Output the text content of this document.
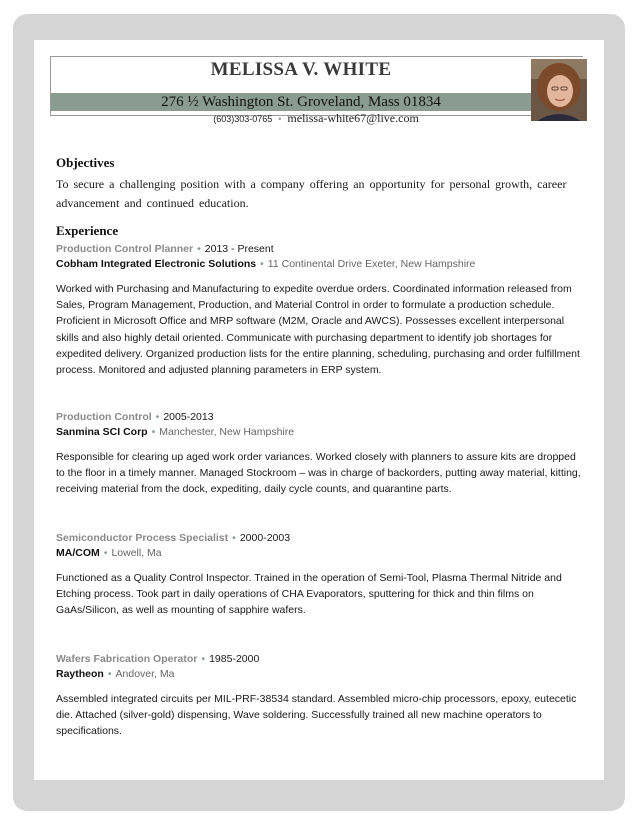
MELISSA V. WHITE
276 ½ Washington St. Groveland, Mass 01834
(603)303-0765 • melissa-white67@live.com
Objectives
To secure a challenging position with a company offering an opportunity for personal growth, career advancement and continued education.
Experience
Production Control Planner • 2013 - Present
Cobham Integrated Electronic Solutions • 11 Continental Drive Exeter, New Hampshire
Worked with Purchasing and Manufacturing to expedite overdue orders. Coordinated information released from Sales, Program Management, Production, and Material Control in order to formulate a production schedule. Proficient in Microsoft Office and MRP software (M2M, Oracle and AWCS). Possesses excellent interpersonal skills and also highly detail oriented. Communicate with purchasing department to identify job shortages for expedited delivery. Organized production lists for the entire planning, scheduling, purchasing and order fulfillment process. Monitored and adjusted planning parameters in ERP system.
Production Control • 2005-2013
Sanmina SCI Corp • Manchester, New Hampshire
Responsible for clearing up aged work order variances. Worked closely with planners to assure kits are dropped to the floor in a timely manner. Managed Stockroom – was in charge of backorders, putting away material, kitting, receiving material from the dock, expediting, daily cycle counts, and quarantine parts.
Semiconductor Process Specialist • 2000-2003
MA/COM • Lowell, Ma
Functioned as a Quality Control Inspector. Trained in the operation of Semi-Tool, Plasma Thermal Nitride and Etching process. Took part in daily operations of CHA Evaporators, sputtering for thick and thin films on GaAs/Silicon, as well as mounting of sapphire wafers.
Wafers Fabrication Operator • 1985-2000
Raytheon • Andover, Ma
Assembled integrated circuits per MIL-PRF-38534 standard. Assembled micro-chip processors, epoxy, eutecetic die. Attached (silver-gold) dispensing, Wave soldering. Successfully trained all new machine operators to specifications.
